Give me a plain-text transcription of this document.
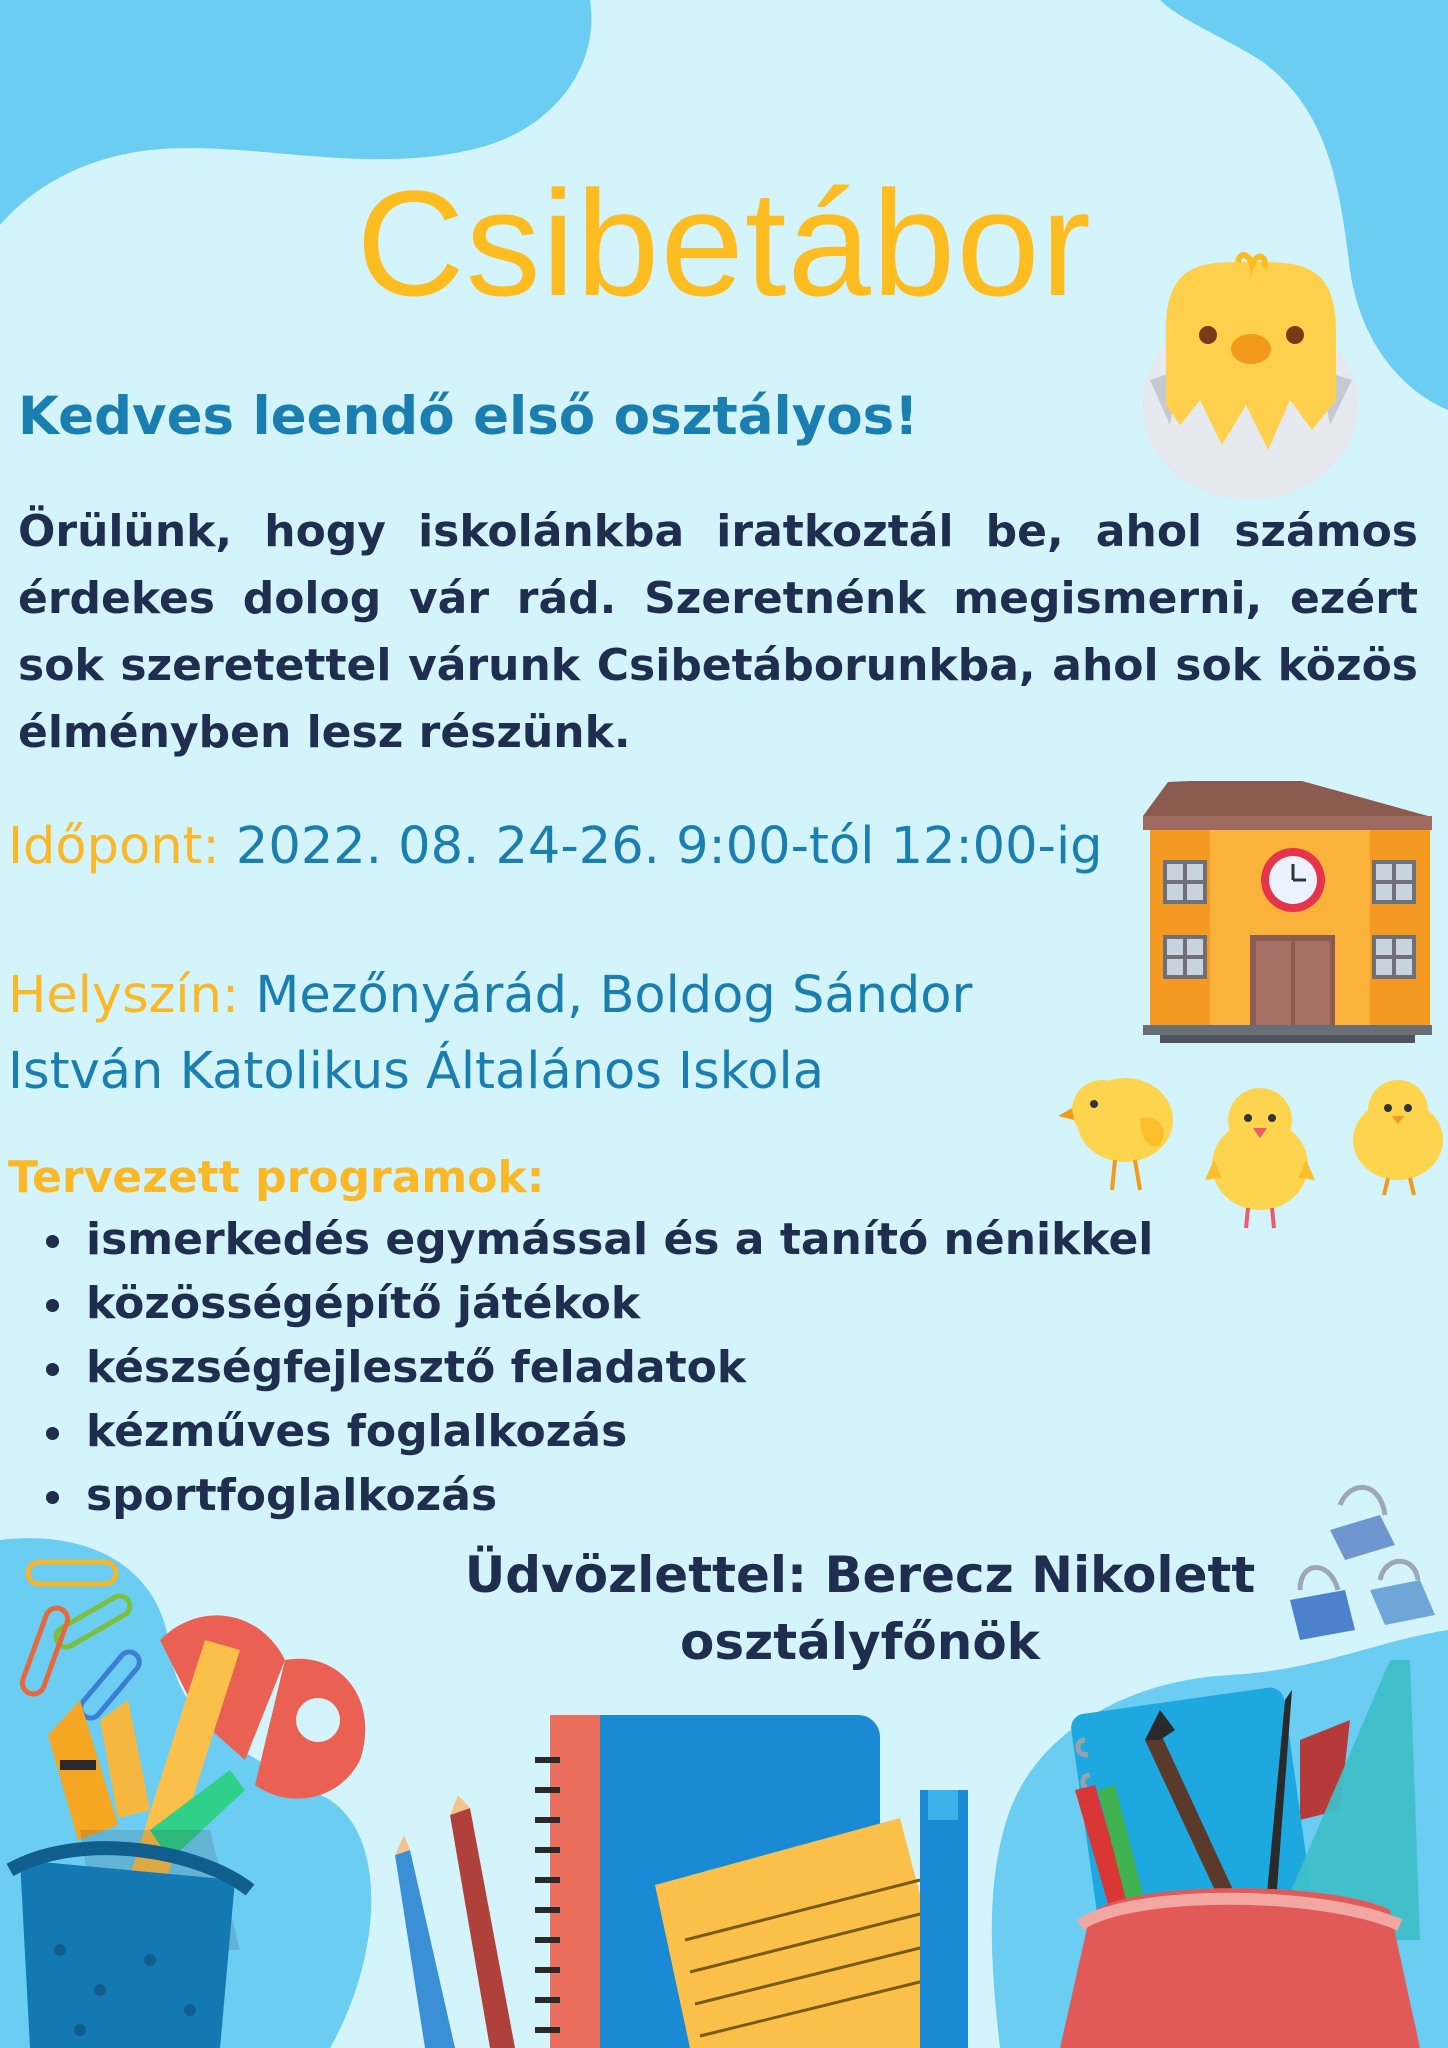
Csibetábor
Kedves leendő első osztályos!
Örülünk, hogy iskolánkba iratkoztál be, ahol számos érdekes dolog vár rád. Szeretnénk megismerni, ezért sok szeretettel várunk Csibetáborunkba, ahol sok közös élményben lesz részünk.
Időpont: 2022. 08. 24-26. 9:00-tól 12:00-ig
Helyszín: Mezőnyárád, Boldog Sándor István Katolikus Általános Iskola
Tervezett programok:
ismerkedés egymással és a tanító nénikkel
közösségépítő játékok
készségfejlesztő feladatok
kézműves foglalkozás
sportfoglalkozás
Üdvözlettel: Berecz Nikolett
osztályfőnök
